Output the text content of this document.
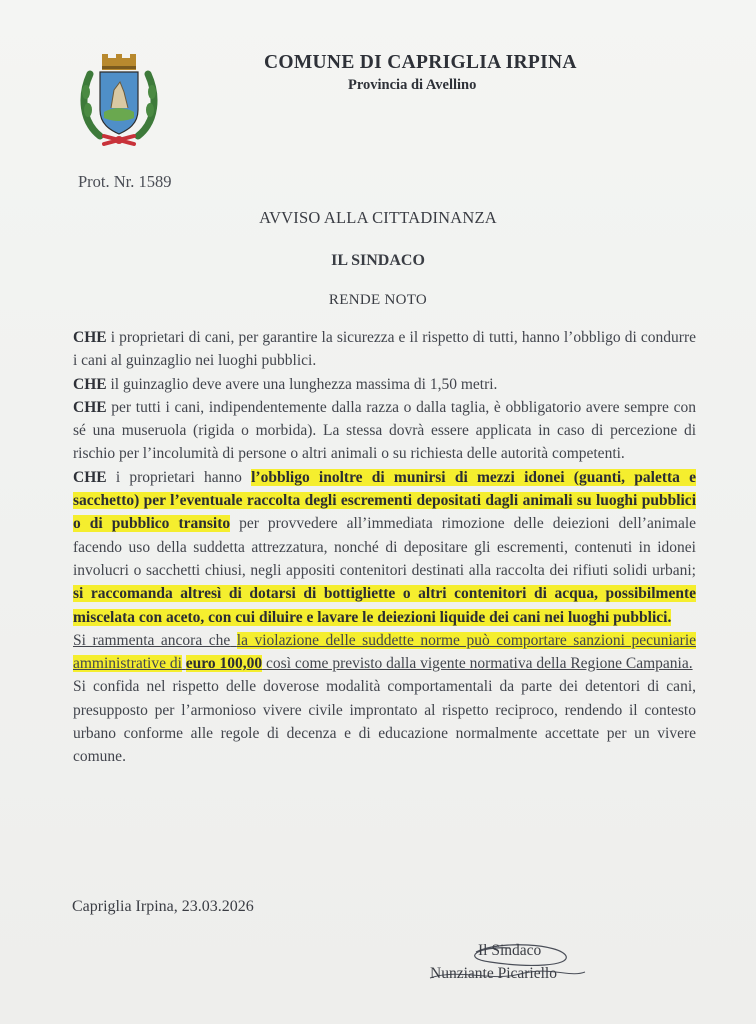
COMUNE DI CAPRIGLIA IRPINA
Provincia di Avellino
Prot. Nr. 1589
AVVISO ALLA CITTADINANZA
IL SINDACO
RENDE NOTO

CHE i proprietari di cani, per garantire la sicurezza e il rispetto di tutti, hanno l’obbligo di condurre i cani al guinzaglio nei luoghi pubblici.

CHE il guinzaglio deve avere una lunghezza massima di 1,50 metri.

CHE per tutti i cani, indipendentemente dalla razza o dalla taglia, è obbligatorio avere sempre con sé una museruola (rigida o morbida). La stessa dovrà essere applicata in caso di percezione di rischio per l’incolumità di persone o altri animali o su richiesta delle autorità competenti.

CHE i proprietari hanno l’obbligo inoltre di munirsi di mezzi idonei (guanti, paletta e sacchetto) per l’eventuale raccolta degli escrementi depositati dagli animali su luoghi pubblici o di pubblico transito per provvedere all’immediata rimozione delle deiezioni dell’animale facendo uso della suddetta attrezzatura, nonché di depositare gli escrementi, contenuti in idonei involucri o sacchetti chiusi, negli appositi contenitori destinati alla raccolta dei rifiuti solidi urbani; si raccomanda altresì di dotarsi di bottigliette o altri contenitori di acqua, possibilmente miscelata con aceto, con cui diluire e lavare le deiezioni liquide dei cani nei luoghi pubblici.

Si rammenta ancora che la violazione delle suddette norme può comportare sanzioni pecuniarie amministrative di euro 100,00 così come previsto dalla vigente normativa della Regione Campania.

Si confida nel rispetto delle doverose modalità comportamentali da parte dei detentori di cani, presupposto per l’armonioso vivere civile improntato al rispetto reciproco, rendendo il contesto urbano conforme alle regole di decenza e di educazione normalmente accettate per un vivere comune.

Capriglia Irpina, 23.03.2026
Il Sindaco
Nunziante Picariello
